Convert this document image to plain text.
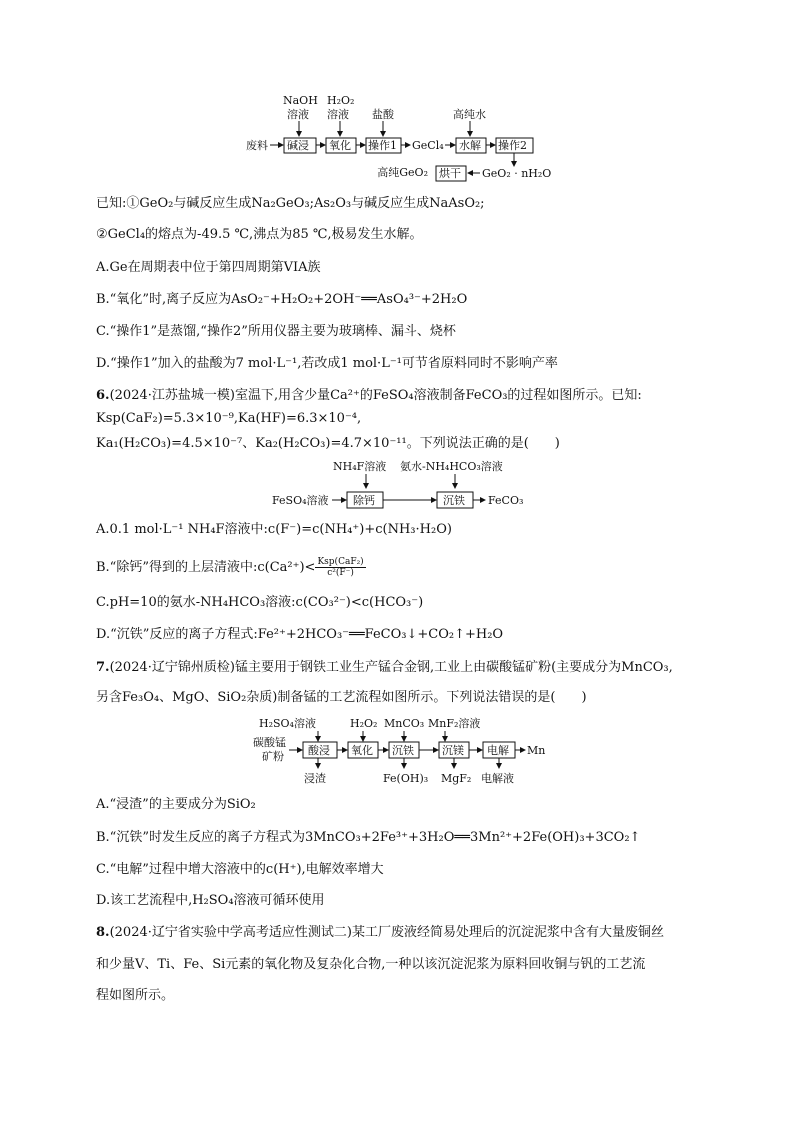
NaOH
溶液
H₂O₂
溶液 盐酸	高纯水
废料 碱浸 氧化 操作1 GeCl₄ 水解 操作2
高纯GeO₂ 烘干 GeO₂ · nH₂O
已知:①GeO₂与碱反应生成Na₂GeO₃;As₂O₃与碱反应生成NaAsO₂;
②GeCl₄的熔点为-49.5 ℃,沸点为85 ℃,极易发生水解。
A.Ge在周期表中位于第四周期第VIA族
B.“氧化”时,离子反应为AsO₂⁻+H₂O₂+2OH⁻══AsO₄³⁻+2H₂O
C.“操作1”是蒸馏,“操作2”所用仪器主要为玻璃棒、漏斗、烧杯
D.“操作1”加入的盐酸为7 mol·L⁻¹,若改成1 mol·L⁻¹可节省原料同时不影响产率
6.(2024·江苏盐城一模)室温下,用含少量Ca²⁺的FeSO₄溶液制备FeCO₃的过程如图所示。已知:
Ksp(CaF₂)=5.3×10⁻⁹,Ka(HF)=6.3×10⁻⁴,
Ka₁(H₂CO₃)=4.5×10⁻⁷、Ka₂(H₂CO₃)=4.7×10⁻¹¹。下列说法正确的是(　　)
NH₄F溶液 氨水-NH₄HCO₃溶液
FeSO₄溶液 除钙	沉铁 FeCO₃
A.0.1 mol·L⁻¹ NH₄F溶液中:c(F⁻)=c(NH₄⁺)+c(NH₃·H₂O)
B.“除钙”得到的上层清液中:c(Ca²⁺)< $\frac{\text{Ksp(CaF₂)}}{\text{c²(F⁻)}}$
C.pH=10的氨水-NH₄HCO₃溶液:c(CO₃²⁻)<c(HCO₃⁻)
D.“沉铁”反应的离子方程式:Fe²⁺+2HCO₃⁻══FeCO₃↓+CO₂↑+H₂O
7.(2024·辽宁锦州质检)锰主要用于钢铁工业生产锰合金钢,工业上由碳酸锰矿粉(主要成分为MnCO₃,
另含Fe₃O₄、MgO、SiO₂杂质)制备锰的工艺流程如图所示。下列说法错误的是(　　)
H₂SO₄溶液	H₂O₂ MnCO₃ MnF₂溶液
碳酸锰
矿粉 酸浸 氧化 沉铁	沉镁 电解 Mn
浸渣	Fe(OH)₃ MgF₂ 电解液
A.“浸渣”的主要成分为SiO₂
B.“沉铁”时发生反应的离子方程式为3MnCO₃+2Fe³⁺+3H₂O══3Mn²⁺+2Fe(OH)₃+3CO₂↑
C.“电解”过程中增大溶液中的c(H⁺),电解效率增大
D.该工艺流程中,H₂SO₄溶液可循环使用
8.(2024·辽宁省实验中学高考适应性测试二)某工厂废液经简易处理后的沉淀泥浆中含有大量废铜丝
和少量V、Ti、Fe、Si元素的氧化物及复杂化合物,一种以该沉淀泥浆为原料回收铜与钒的工艺流
程如图所示。
